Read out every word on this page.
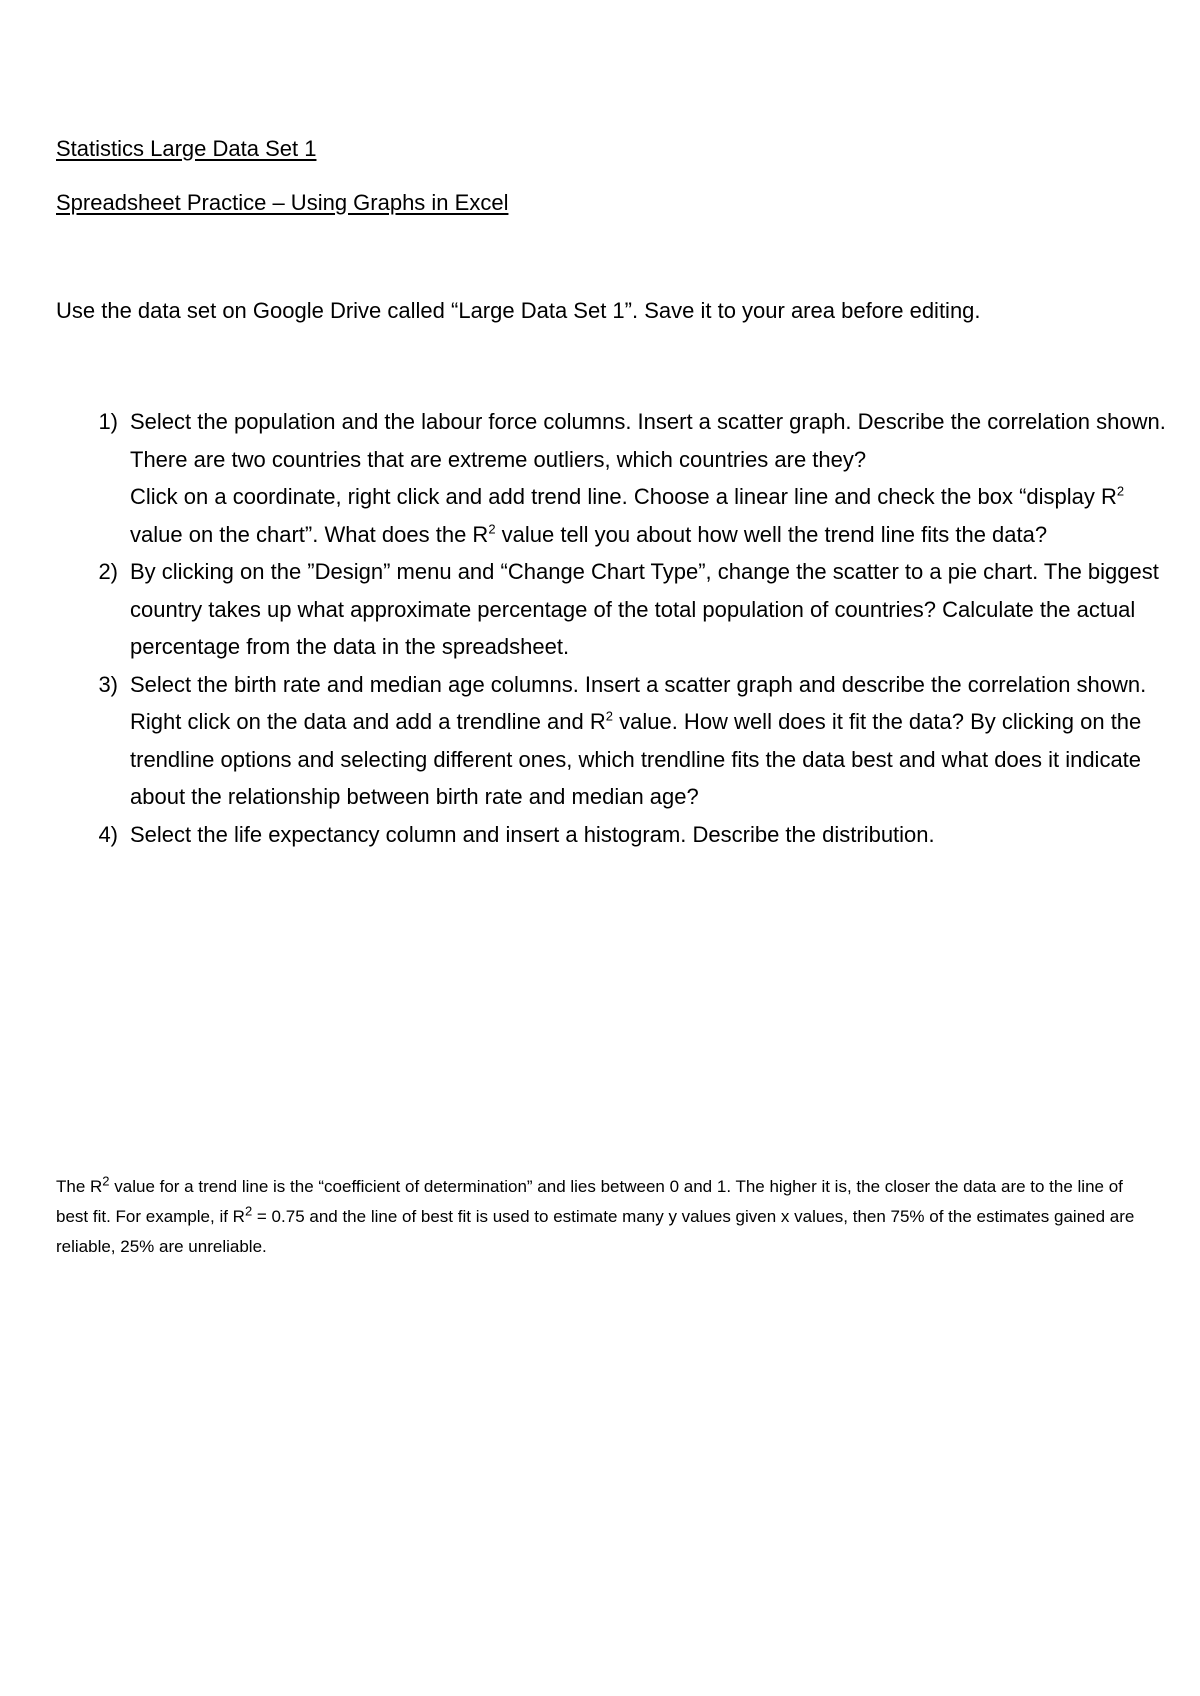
Statistics Large Data Set 1
Spreadsheet Practice – Using Graphs in Excel
Use the data set on Google Drive called “Large Data Set 1”. Save it to your area before editing.
1) Select the population and the labour force columns. Insert a scatter graph. Describe the correlation shown. There are two countries that are extreme outliers, which countries are they?
Click on a coordinate, right click and add trend line. Choose a linear line and check the box “display $R^2$ value on the chart”. What does the $R^2$ value tell you about how well the trend line fits the data?
2) By clicking on the ”Design” menu and “Change Chart Type”, change the scatter to a pie chart. The biggest country takes up what approximate percentage of the total population of countries? Calculate the actual percentage from the data in the spreadsheet.
3) Select the birth rate and median age columns. Insert a scatter graph and describe the correlation shown. Right click on the data and add a trendline and $R^2$ value. How well does it fit the data? By clicking on the trendline options and selecting different ones, which trendline fits the data best and what does it indicate about the relationship between birth rate and median age?
4) Select the life expectancy column and insert a histogram. Describe the distribution.
The $R^2$ value for a trend line is the “coefficient of determination” and lies between 0 and 1. The higher it is, the closer the data are to the line of best fit. For example, if $R^2 = 0.75$ and the line of best fit is used to estimate many y values given x values, then 75% of the estimates gained are reliable, 25% are unreliable.
